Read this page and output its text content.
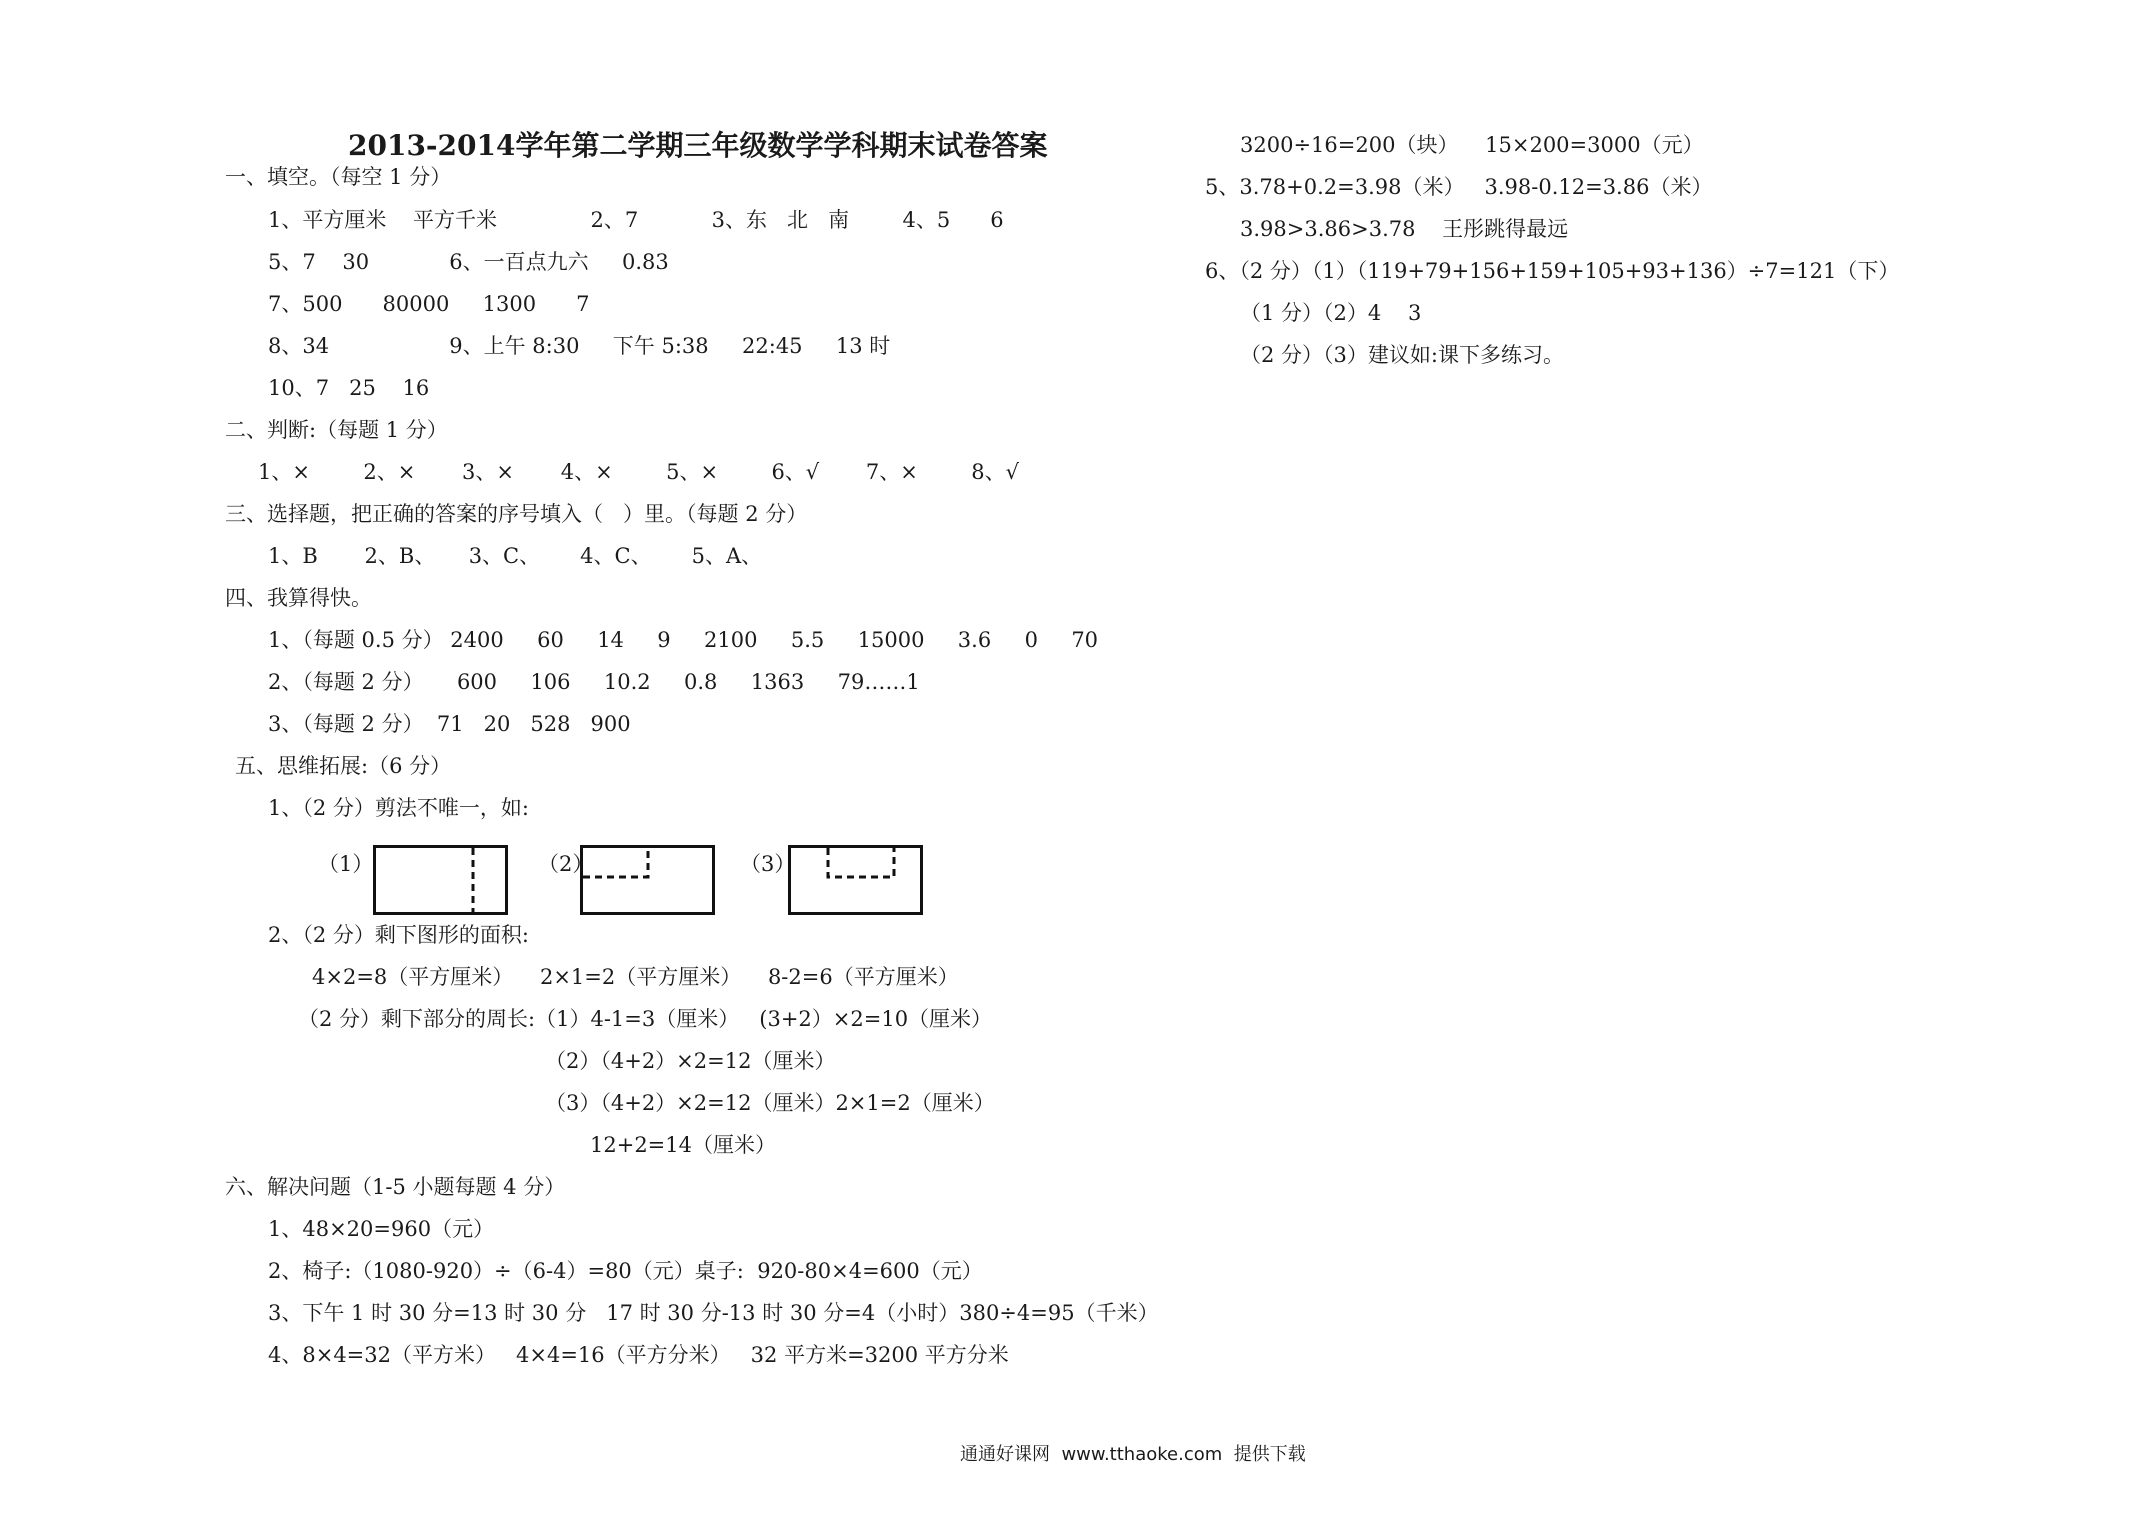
2013-2014学年第二学期三年级数学学科期末试卷答案
一、填空。（每空 1 分）
1、平方厘米    平方千米              2、7           3、东   北   南        4、5      6
5、7    30            6、一百点九六     0.83
7、500      80000     1300      7
8、34                  9、上午 8:30     下午 5:38     22:45     13 时
10、7   25    16
二、判断:（每题 1 分）
1、×        2、×       3、×       4、×        5、×        6、√       7、×        8、√
三、选择题，把正确的答案的序号填入（   ）里。（每题 2 分）
1、B       2、B、     3、C、      4、C、      5、A、
四、我算得快。
1、（每题 0.5 分） 2400     60     14     9     2100     5.5     15000     3.6     0     70
2、（每题 2 分）     600     106     10.2     0.8     1363     79……1
3、（每题 2 分）  71   20   528   900
五、思维拓展:（6 分）
1、（2 分）剪法不唯一，如:
2、（2 分）剩下图形的面积:
4×2=8（平方厘米）    2×1=2（平方厘米）    8-2=6（平方厘米）
（2 分）剩下部分的周长:（1）4-1=3（厘米）   (3+2）×2=10（厘米）
（2）（4+2）×2=12（厘米）
（3）（4+2）×2=12（厘米）2×1=2（厘米）
12+2=14（厘米）
六、解决问题（1-5 小题每题 4 分）
1、48×20=960（元）
2、椅子:（1080-920）÷（6-4）=80（元）桌子:  920-80×4=600（元）
3、下午 1 时 30 分=13 时 30 分   17 时 30 分-13 时 30 分=4（小时）380÷4=95（千米）
4、8×4=32（平方米）   4×4=16（平方分米）   32 平方米=3200 平方分米
3200÷16=200（块）    15×200=3000（元）
5、3.78+0.2=3.98（米）   3.98-0.12=3.86（米）
3.98>3.86>3.78    王彤跳得最远
6、（2 分）（1）（119+79+156+159+105+93+136）÷7=121（下）
（1 分）（2）4    3
（2 分）（3）建议如:课下多练习。
（1）	（2）	（3）
通通好课网  www.tthaoke.com  提供下载
